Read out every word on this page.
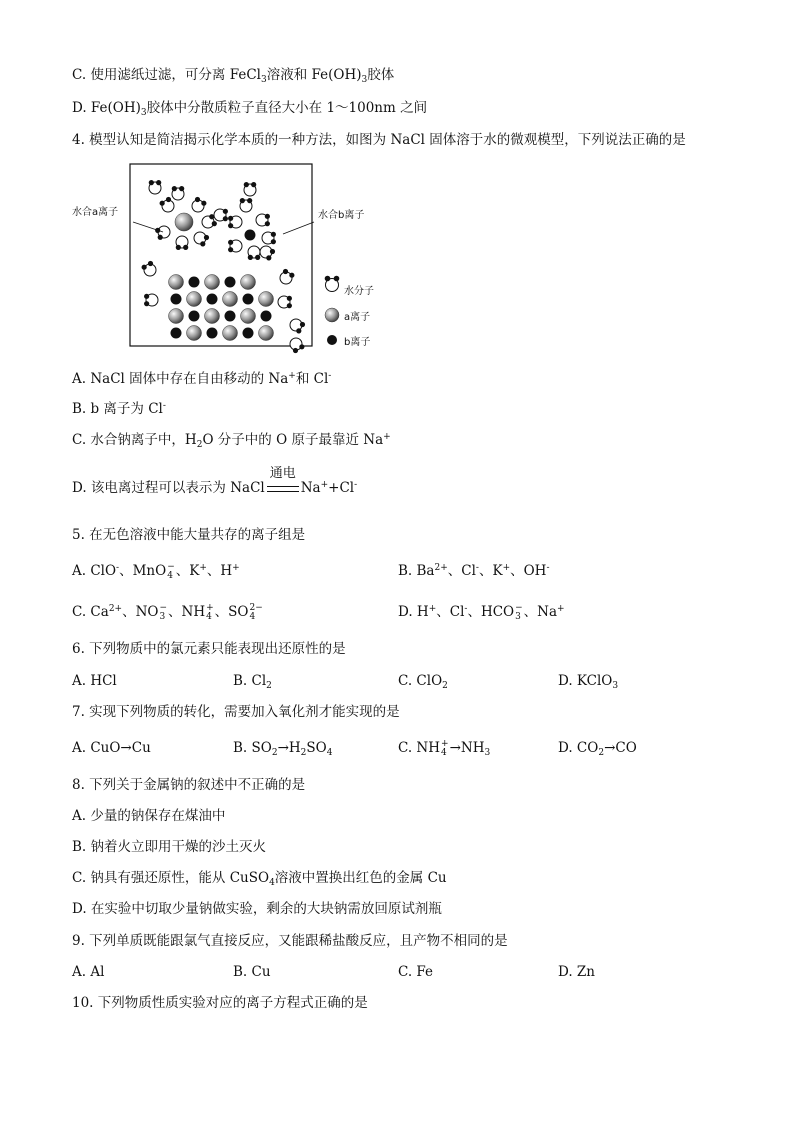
C. 使用滤纸过滤，可分离 FeCl$_3$溶液和 $Fe(OH)_3$胶体
D. $Fe(OH)_3$胶体中分散质粒子直径大小在 1～100nm 之间
4. 模型认知是简洁揭示化学本质的一种方法，如图为 NaCl 固体溶于水的微观模型，下列说法正确的是
水合a离子	水合b离子
水分子
a离子
b离子
A. NaCl 固体中存在自由移动的 Na+和 Cl-
B. b 离子为 Cl-
C. 水合钠离子中，$H_2O$ 分子中的 O 原子最靠近 Na+
D. 该电离过程可以表示为 NaCl
通电
Na++Cl-
5. 在无色溶液中能大量共存的离子组是
A. ClO-、MnO −
4 、K+、H+	B. $Ba^{2+}$、Cl-、K+、OH-
C. $Ca^{2+}$、NO −
3 、NH +
4 、SO 2−
4	D. H+、Cl-、HCO −
3 、Na+
6. 下列物质中的氯元素只能表现出还原性的是
A. HCl	B. $Cl_2$	C. ClO$_2$	D. KClO$_3$
7. 实现下列物质的转化，需要加入氧化剂才能实现的是
A. CuO→Cu	B. $SO_2\to H_2SO_4$	C. NH +
$4 \to NH_3$	D. $CO_2\to CO$
8. 下列关于金属钠的叙述中不正确的是
A. 少量的钠保存在煤油中
B. 钠着火立即用干燥的沙土灭火
C. 钠具有强还原性，能从 CuSO$_4$溶液中置换出红色的金属 Cu
D. 在实验中切取少量钠做实验，剩余的大块钠需放回原试剂瓶
9. 下列单质既能跟氯气直接反应，又能跟稀盐酸反应，且产物不相同的是
A. Al	B. Cu	C. Fe	D. Zn
10. 下列物质性质实验对应的离子方程式正确的是
